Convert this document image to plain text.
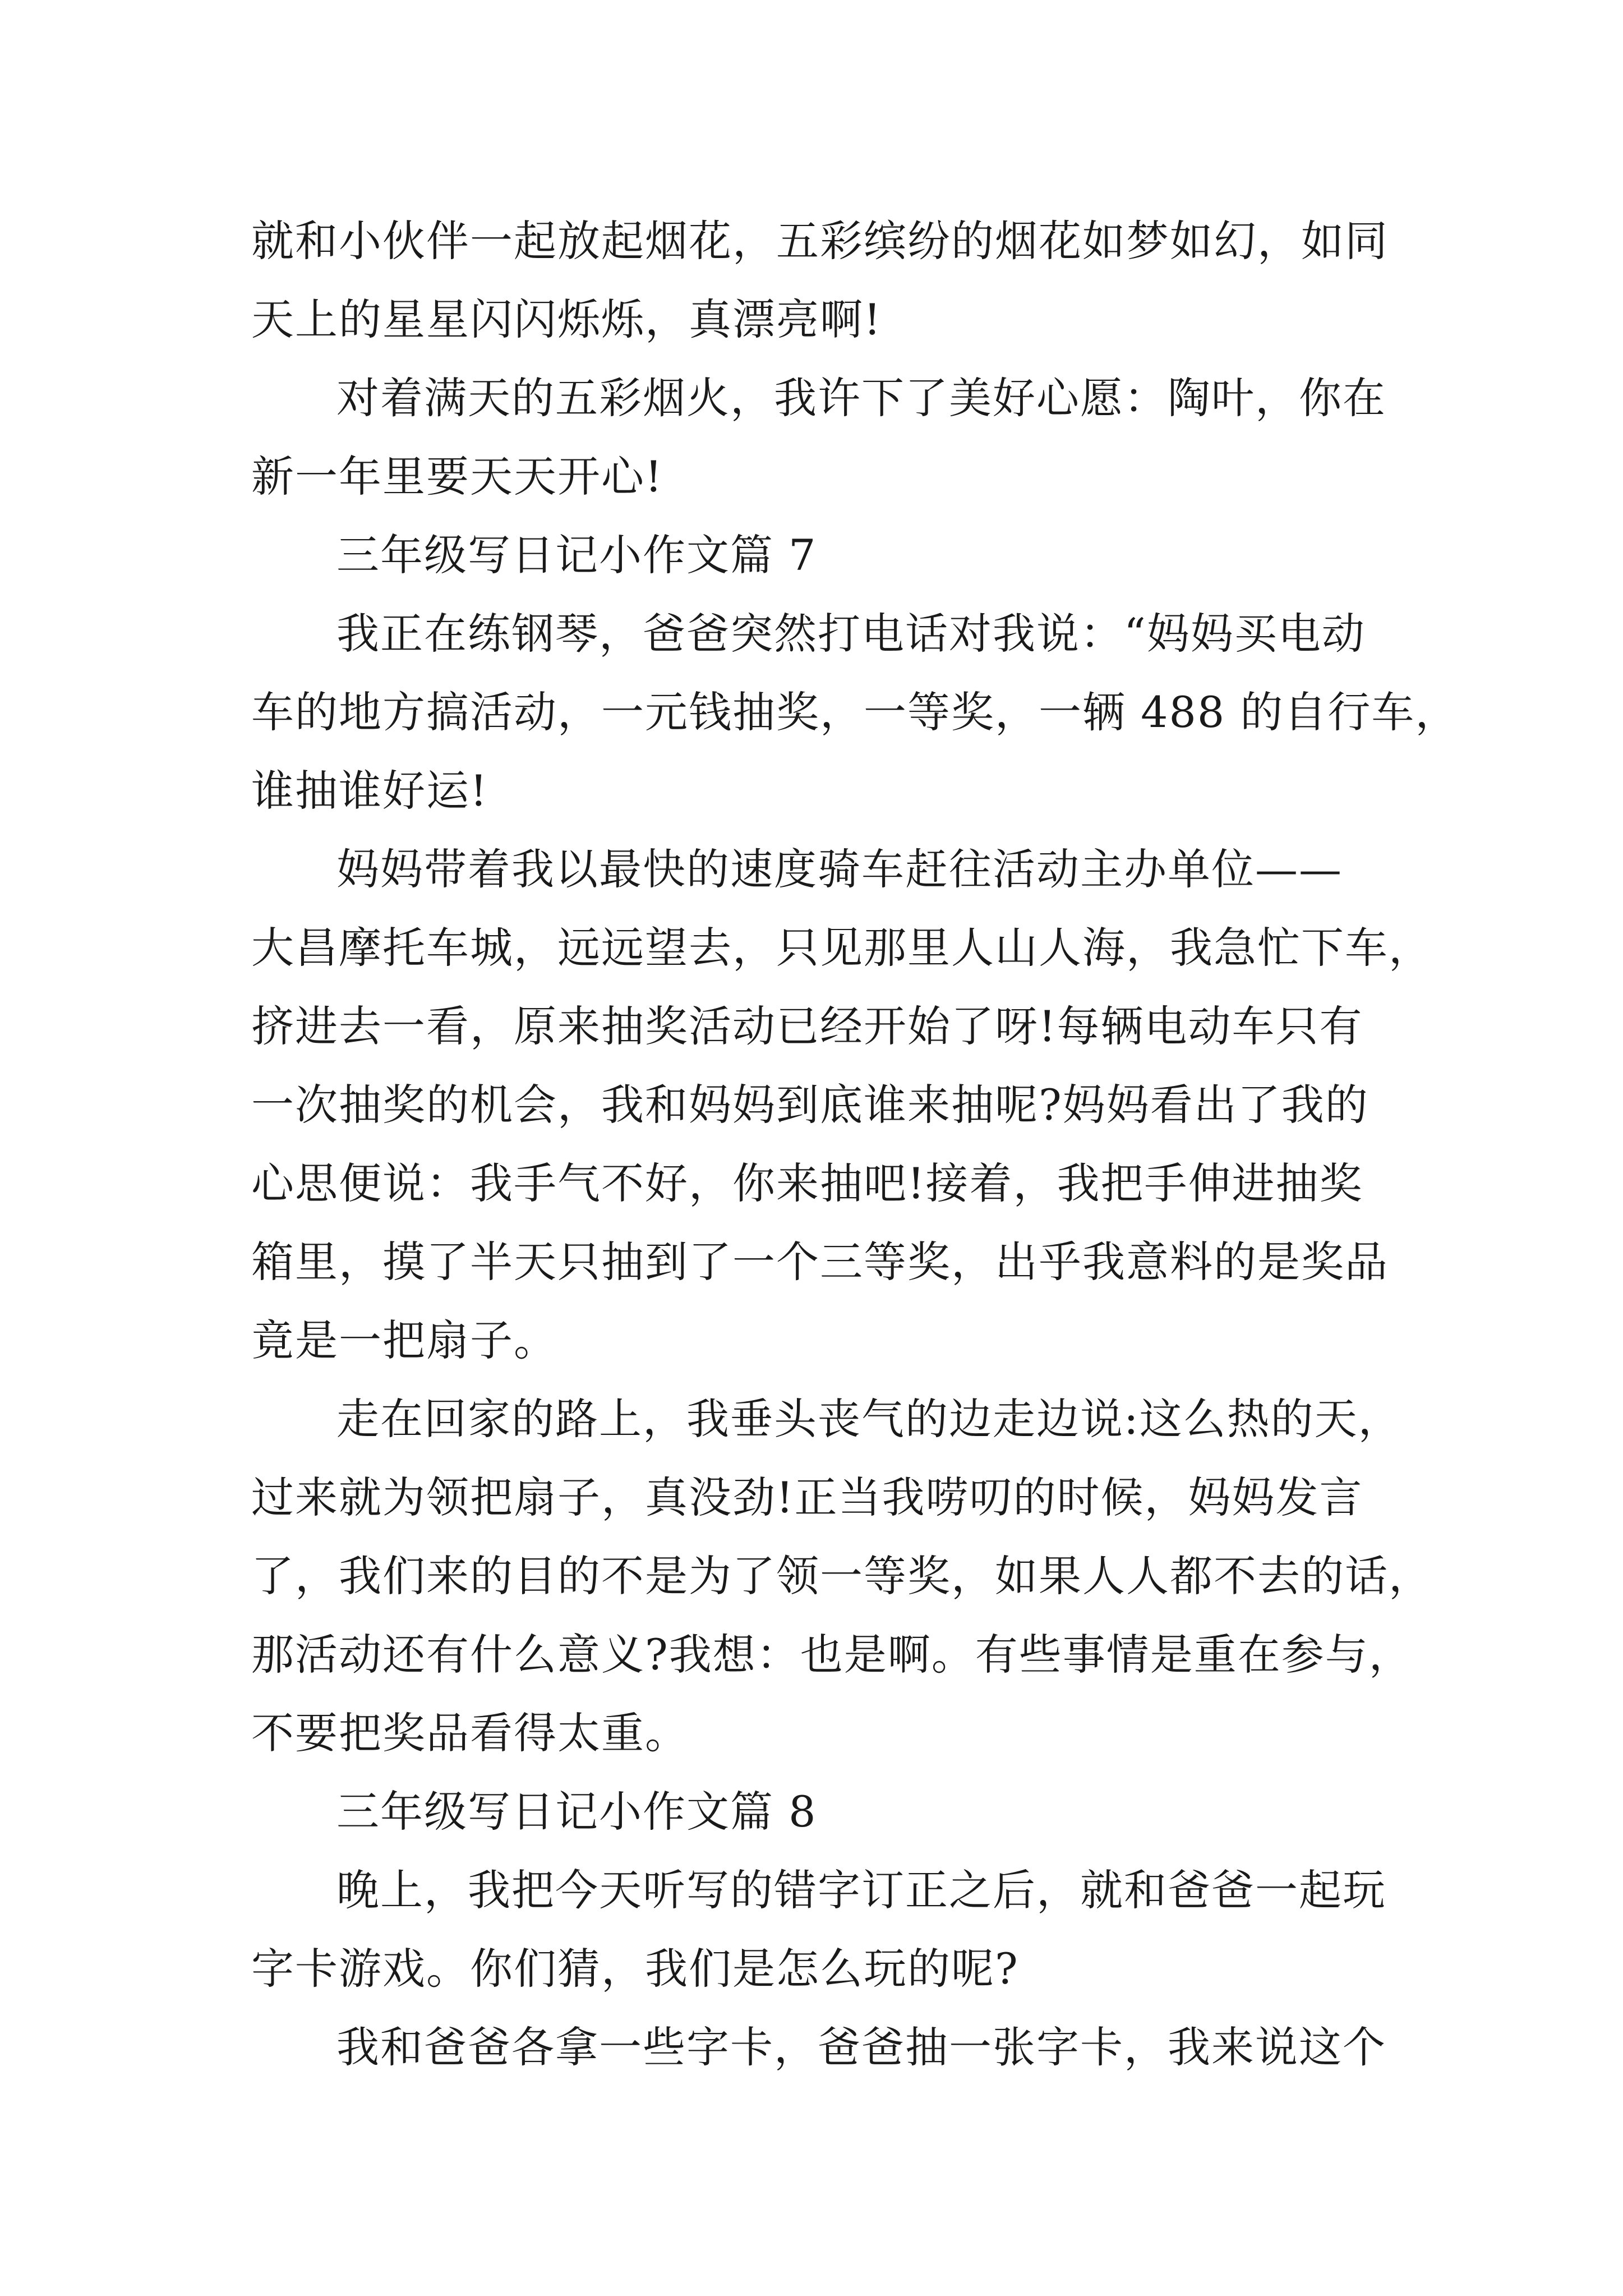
就和小伙伴一起放起烟花，五彩缤纷的烟花如梦如幻，如同
天上的星星闪闪烁烁，真漂亮啊!
对着满天的五彩烟火，我许下了美好心愿：陶叶，你在
新一年里要天天开心!
三年级写日记小作文篇 7
我正在练钢琴，爸爸突然打电话对我说：“妈妈买电动
车的地方搞活动，一元钱抽奖，一等奖，一辆 488 的自行车，
谁抽谁好运!
妈妈带着我以最快的速度骑车赶往活动主办单位——
大昌摩托车城，远远望去，只见那里人山人海，我急忙下车，
挤进去一看，原来抽奖活动已经开始了呀!每辆电动车只有
一次抽奖的机会，我和妈妈到底谁来抽呢?妈妈看出了我的
心思便说：我手气不好，你来抽吧!接着，我把手伸进抽奖
箱里，摸了半天只抽到了一个三等奖，出乎我意料的是奖品
竟是一把扇子。
走在回家的路上，我垂头丧气的边走边说:这么热的天，
过来就为领把扇子，真没劲!正当我唠叨的时候，妈妈发言
了，我们来的目的不是为了领一等奖，如果人人都不去的话，
那活动还有什么意义?我想：也是啊。有些事情是重在参与，
不要把奖品看得太重。
三年级写日记小作文篇 8
晚上，我把今天听写的错字订正之后，就和爸爸一起玩
字卡游戏。你们猜，我们是怎么玩的呢?
我和爸爸各拿一些字卡，爸爸抽一张字卡，我来说这个
